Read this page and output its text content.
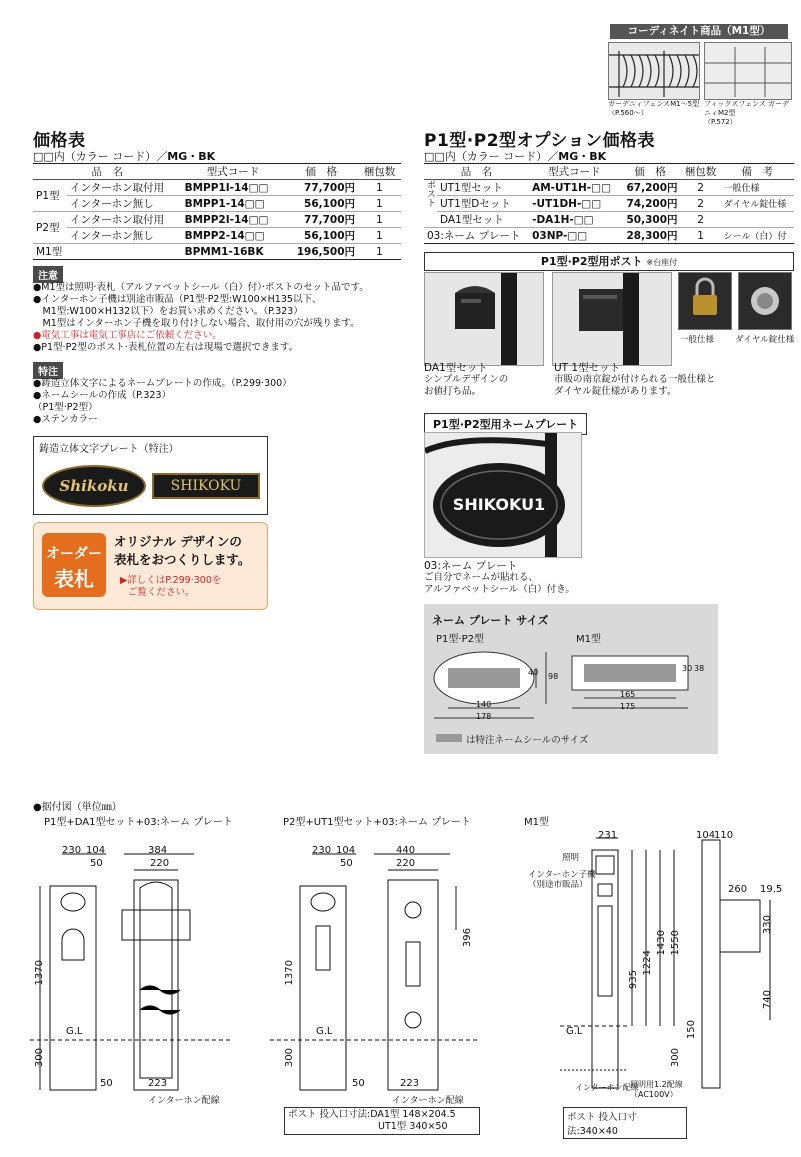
コーディネイト商品（M1型）
ガーデニィフェンスM1～5型
（P.560～）
フィックスフェンス ガーデニィM2型
（P.572）
価格表
□□内（カラー コード）／MG・BK
品　名		型式コード	価　格	梱包数
P1型	インターホン取付用	BMPP1I-14□□	77,700円	1
	インターホン無し	BMPP1-14□□	56,100円	1
P2型	インターホン取付用	BMPP2I-14□□	77,700円	1
	インターホン無し	BMPP2-14□□	56,100円	1
M1型		BPMM1-16BK	196,500円	1
P1型·P2型オプション価格表
□□内（カラー コード）／MG・BK
品　名		型式コード	価　格	梱包数	備　考
ポスト	UT1型セット	AM-UT1H-□□	67,200円	2	一般仕様
	UT1型Dセット	-UT1DH-□□	74,200円	2	ダイヤル錠仕様
	DA1型セット	-DA1H-□□	50,300円	2	
03:ネーム プレート		03NP-□□	28,300円	1	シール（白）付
注意
●M1型は照明·表札（アルファベットシール（白）付）·ポストのセット品です。
●インターホン子機は別途市販品（P1型·P2型:W100×H135以下、
　M1型:W100×H132以下）をお買い求めください。（P.323）
　M1型はインターホン子機を取り付けしない場合、取付用の穴が残ります。
●電気工事は電気工事店にご依頼ください。
●P1型·P2型のポスト·表札位置の左右は現場で選択できます。
特注
●鋳造立体文字によるネームプレートの作成。（P.299·300）
●ネームシールの作成（P.323）
（P1型·P2型）
●ステンカラー
鋳造立体文字プレート（特注）
Shikoku	SHIKOKU
オーダー
表札
オリジナル デザインの
表札をおつくりします。
▶詳しくはP.299·300を
ご覧ください。
P1型·P2型用ポスト ※台座付
一般仕様 ダイヤル錠仕様
DA1型セット
シンプルデザインの
お値打ち品。
UT 1型セット
市販の南京錠が付けられる一般仕様と
ダイヤル錠仕様があります。
P1型·P2型用ネームプレート
SHIKOKU1
03:ネーム プレート
ご自分でネームが貼れる、
アルファベットシール（白）付き。
ネーム プレート サイズ
P1型·P2型	M1型
40 98
140
178
30 38
165
175
は特注ネームシールのサイズ
●据付図（単位㎜）
P1型+DA1型セット+03:ネーム プレート	P2型+UT1型セット+03:ネーム プレート	M1型
230 104
50
384
220
1370
300
G.L
50	223
インターホン配線
230 104
50
440
220
396
1370
300
G.L
50	223
インターホン配線
ポスト 投入口寸法:DA1型 148×204.5
UT1型 340×50
231	104
110
照明
インターホン子機
（別途市販品）
935
1224
1430 1550
300
150
260 19.5
330
740
G.L
照明用1.2配線
（AC100V）
インターホン配線
ポスト 投入口寸法:340×40
